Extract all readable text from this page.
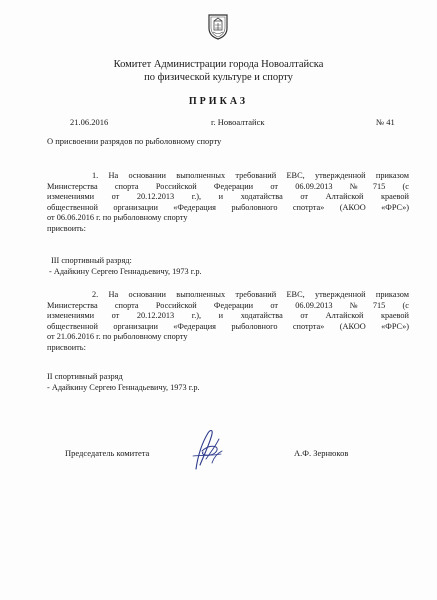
Комитет Администрации города Новоалтайска
по физической культуре и спорту
ПРИКАЗ
21.06.2016	г. Новоалтайск	№ 41
О присвоении разрядов по рыболовному спорту
1. На основании выполненных требований ЕВС, утвержденной приказом
Министерства спорта Российской Федерации от 06.09.2013 №715 (с
изменениями от 20.12.2013 г.), и ходатайства от Алтайской краевой
общественной организации «Федерация рыболовного спотрта» (АКОО «ФРС»)
от 06.06.2016 г. по рыболовному спорту
присвоить:
III спортивный разряд:
- Адайкину Сергею Геннадьевичу, 1973 г.р.
2. На основании выполненных требований ЕВС, утвержденной приказом
Министерства спорта Российской Федерации от 06.09.2013 №715 (с
изменениями от 20.12.2013 г.), и ходатайства от Алтайской краевой
общественной организации «Федерация рыболовного спотрта» (АКОО «ФРС»)
от 21.06.2016 г. по рыболовному спорту
присвоить:
II спортивный разряд
- Адайкину Сергею Геннадьевичу, 1973 г.р.
Председатель комитета	А.Ф. Зернюков
